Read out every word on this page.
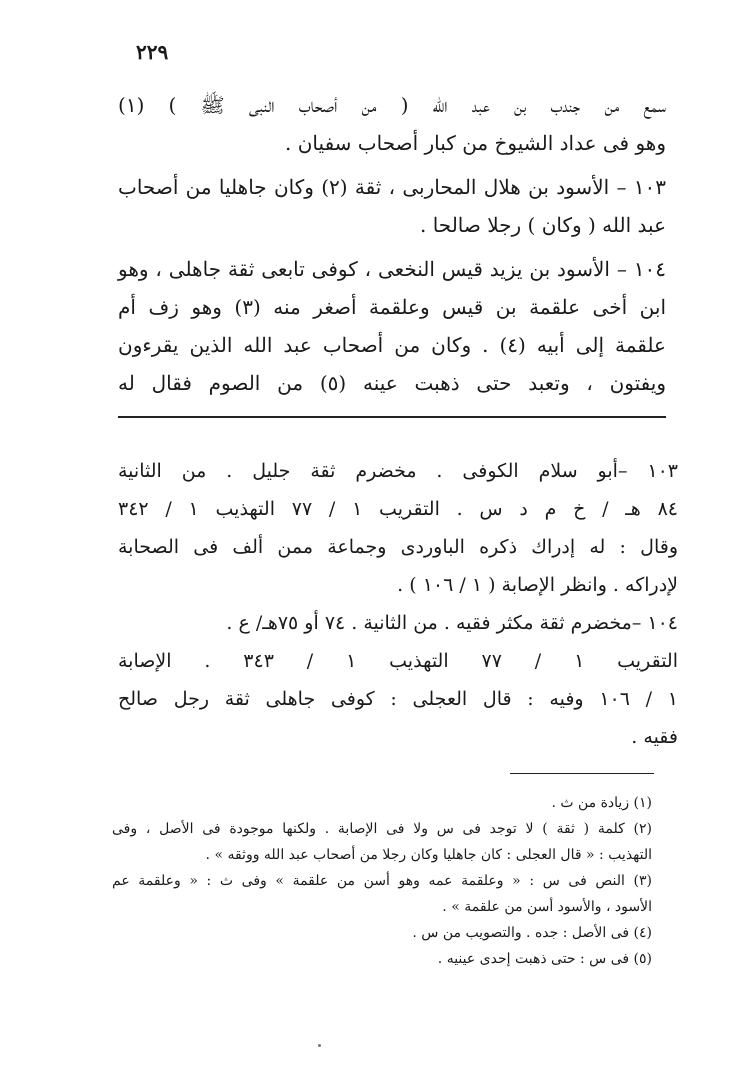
٢٢٩
سمع من جندب بن عبد الله ( من أصحاب النبى ﷺ ) (١)
وهو فى عداد الشيوخ من كبار أصحاب سفيان .
١٠٣ – الأسود بن هلال المحاربى ، ثقة (٢) وكان جاهليا من أصحاب
عبد الله ( وكان ) رجلا صالحا .
١٠٤ – الأسود بن يزيد قيس النخعى ، كوفى تابعى ثقة جاهلى ، وهو
ابن أخى علقمة بن قيس وعلقمة أصغر منه (٣) وهو زف أم
علقمة إلى أبيه (٤) . وكان من أصحاب عبد الله الذين يقرءون
ويفتون ، وتعبد حتى ذهبت عينه (٥) من الصوم فقال له
١٠٣ –أبو سلام الكوفى . مخضرم ثقة جليل . من الثانية
٨٤ هـ / خ م د س . التقريب ١ / ٧٧ التهذيب ١ / ٣٤٢
وقال : له إدراك ذكره الباوردى وجماعة ممن ألف فى الصحابة
لإدراكه . وانظر الإصابة ( ١ / ١٠٦ ) .
١٠٤ –مخضرم ثقة مكثر فقيه . من الثانية . ٧٤ أو ٧٥هـ/ ع .
التقريب ١ / ٧٧ التهذيب ١ / ٣٤٣ . الإصابة
١ / ١٠٦ وفيه : قال العجلى : كوفى جاهلى ثقة رجل صالح
فقيه .
(١) زيادة من ث .
(٢) كلمة ( ثقة ) لا توجد فى س ولا فى الإصابة . ولكنها موجودة فى الأصل ، وفى
التهذيب : « قال العجلى : كان جاهليا وكان رجلا من أصحاب عبد الله ووثقه » .
(٣) النص فى س : « وعلقمة عمه وهو أسن من علقمة » وفى ث : « وعلقمة عم
الأسود ، والأسود أسن من علقمة » .
(٤) فى الأصل : جده . والتصويب من س .
(٥) فى س : حتى ذهبت إحدى عينيه .
